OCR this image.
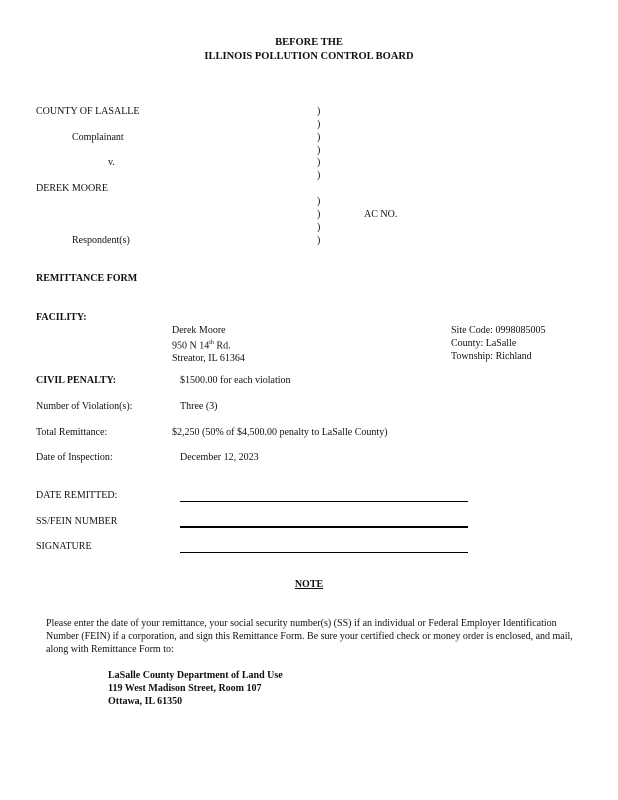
BEFORE THE
ILLINOIS POLLUTION CONTROL BOARD
COUNTY OF LASALLE
Complainant
v.
DEREK MOORE
Respondent(s)
)
)
)
)
)
)
)
)
)
)
AC NO.
REMITTANCE FORM
FACILITY:
Derek Moore
950 N 14th Rd.
Streator, IL 61364
Site Code: 0998085005
County: LaSalle
Township: Richland
CIVIL PENALTY:	$1500.00 for each violation
Number of Violation(s):	Three (3)
Total Remittance:	$2,250 (50% of $4,500.00 penalty to LaSalle County)
Date of Inspection:	December 12, 2023
DATE REMITTED:
SS/FEIN NUMBER
SIGNATURE
NOTE
Please enter the date of your remittance, your social security number(s) (SS) if an individual or Federal Employer Identification Number (FEIN) if a corporation, and sign this Remittance Form. Be sure your certified check or money order is enclosed, and mail, along with Remittance Form to:
LaSalle County Department of Land Use
119 West Madison Street, Room 107
Ottawa, IL 61350
